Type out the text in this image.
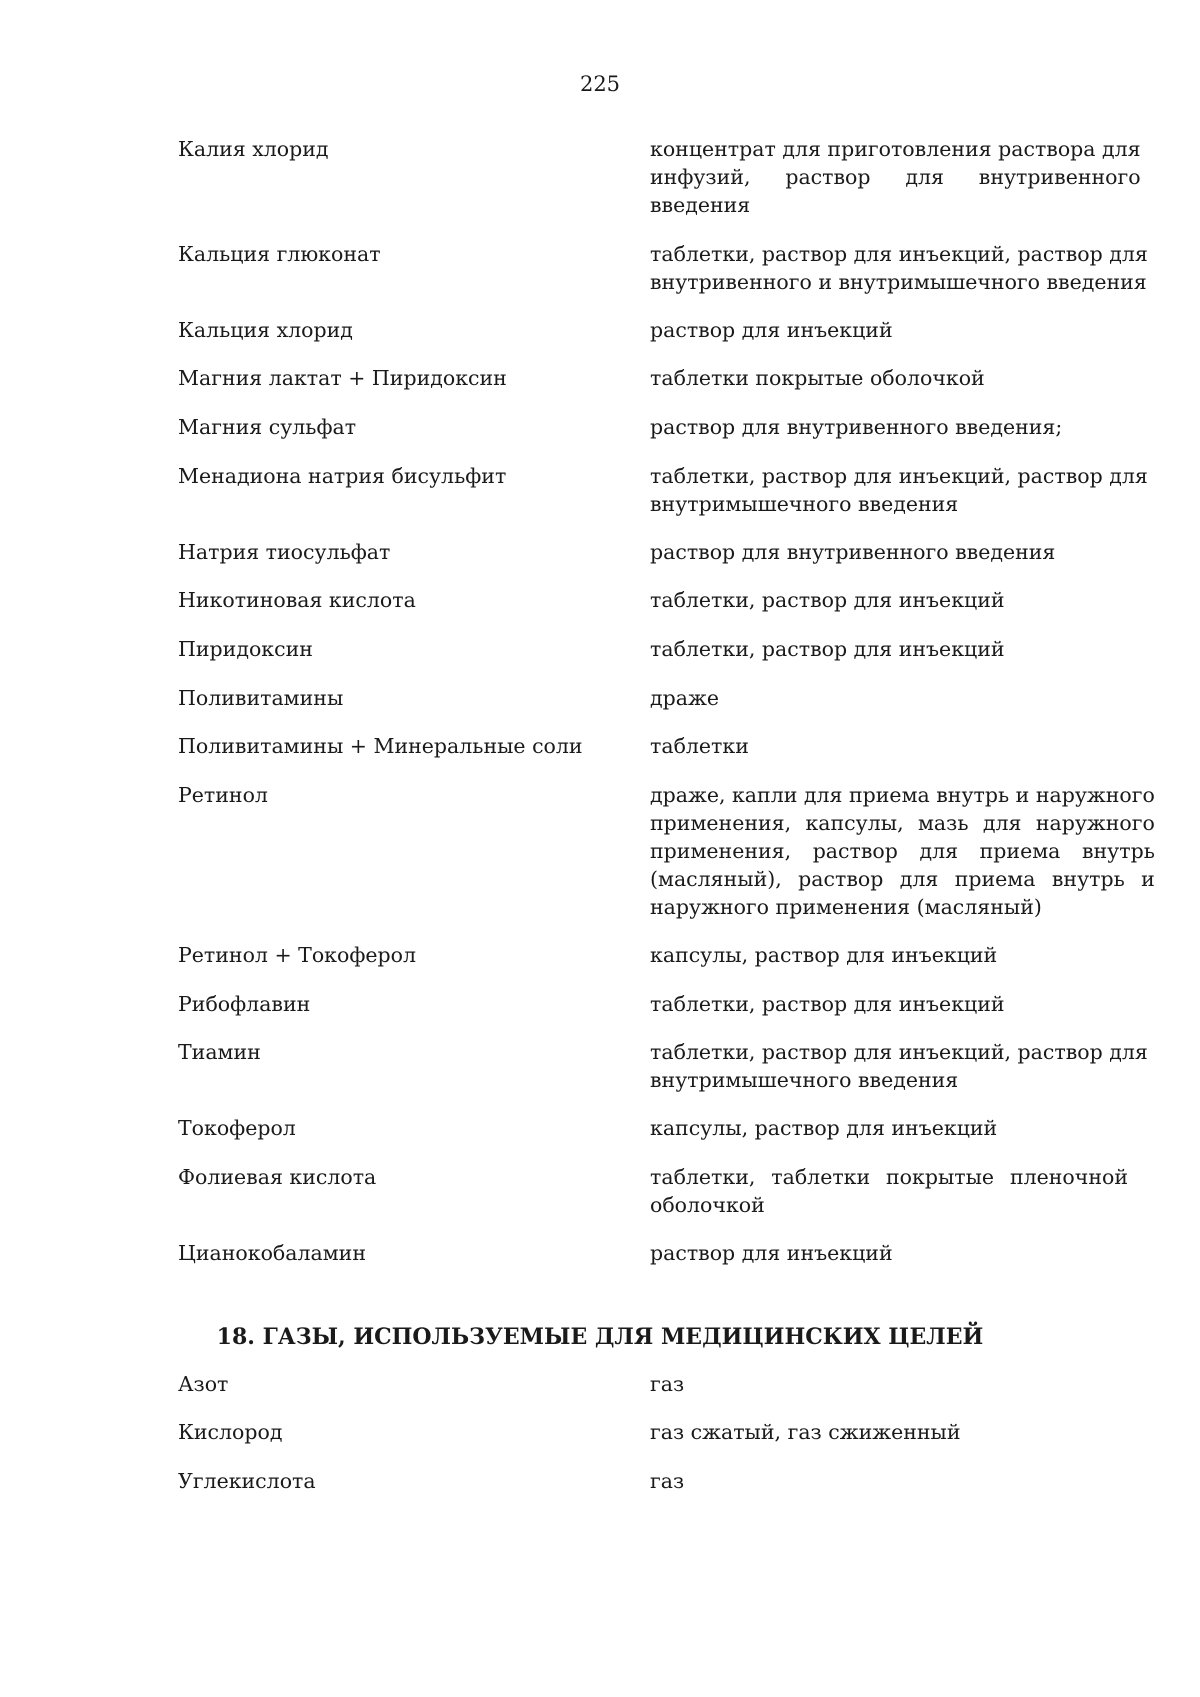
225
Калия хлорид	концентрат для приготовления раствора для
инфузий, раствор для внутривенного
введения
Кальция глюконат	таблетки, раствор для инъекций, раствор для
внутривенного и внутримышечного введения
Кальция хлорид	раствор для инъекций
Магния лактат + Пиридоксин	таблетки покрытые оболочкой
Магния сульфат	раствор для внутривенного введения;
Менадиона натрия бисульфит	таблетки, раствор для инъекций, раствор для
внутримышечного введения
Натрия тиосульфат	раствор для внутривенного введения
Никотиновая кислота	таблетки, раствор для инъекций
Пиридоксин	таблетки, раствор для инъекций
Поливитамины	драже
Поливитамины + Минеральные соли	таблетки
Ретинол	драже, капли для приема внутрь и наружного
применения, капсулы, мазь для наружного
применения, раствор для приема внутрь
(масляный), раствор для приема внутрь и
наружного применения (масляный)
Ретинол + Токоферол	капсулы, раствор для инъекций
Рибофлавин	таблетки, раствор для инъекций
Тиамин	таблетки, раствор для инъекций, раствор для
внутримышечного введения
Токоферол	капсулы, раствор для инъекций
Фолиевая кислота	таблетки, таблетки покрытые пленочной
оболочкой
Цианокобаламин	раствор для инъекций
18. ГАЗЫ, ИСПОЛЬЗУЕМЫЕ ДЛЯ МЕДИЦИНСКИХ ЦЕЛЕЙ
Азот	газ
Кислород	газ сжатый, газ сжиженный
Углекислота	газ
